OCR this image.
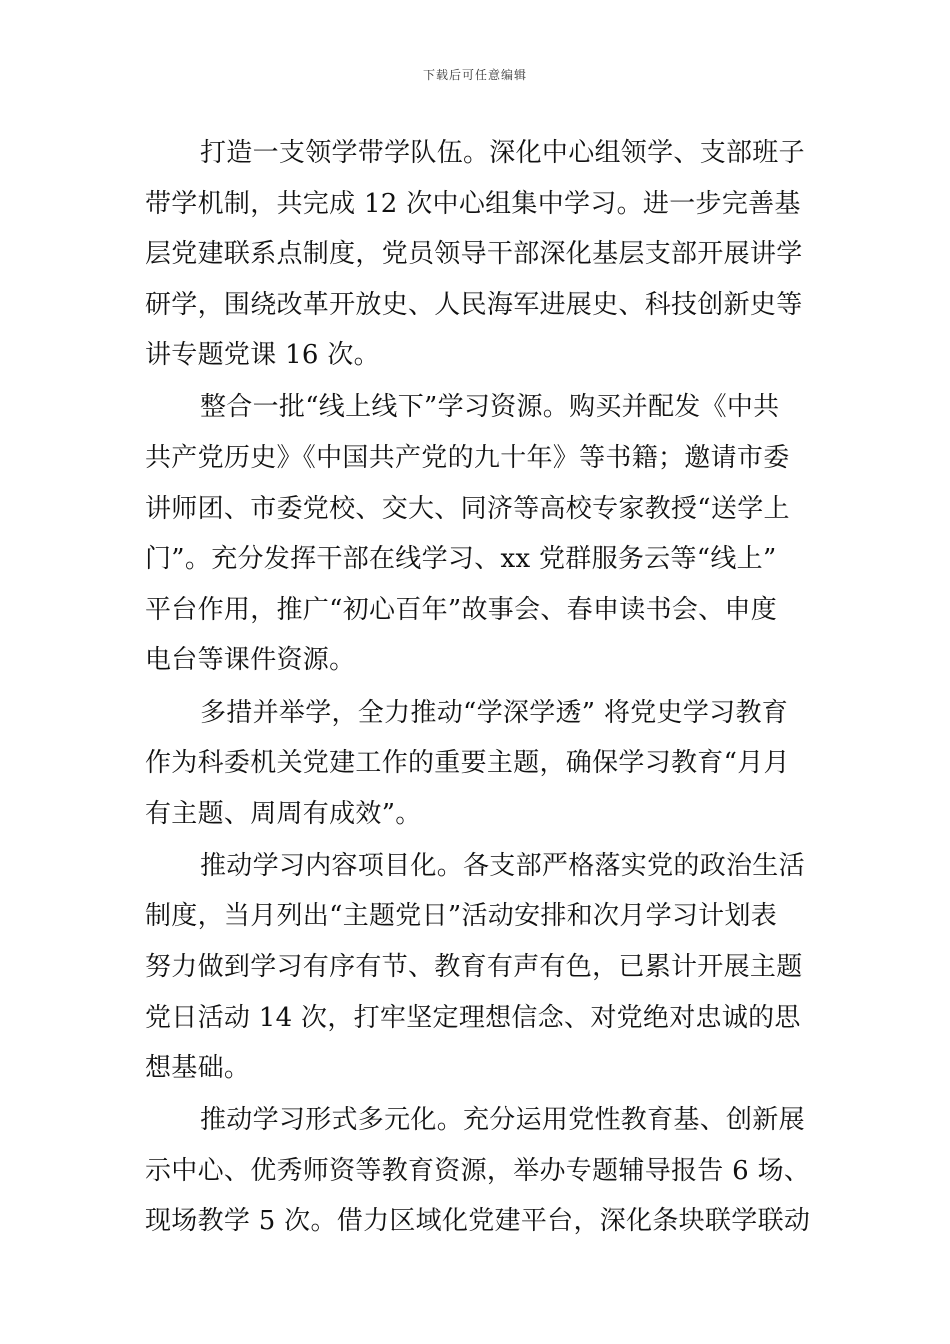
下载后可任意编辑
打造一支领学带学队伍。深化中心组领学、支部班子
带学机制，共完成 12 次中心组集中学习。进一步完善基
层党建联系点制度，党员领导干部深化基层支部开展讲学
研学，围绕改革开放史、人民海军进展史、科技创新史等
讲专题党课 16 次。
整合一批“线上线下”学习资源。购买并配发《中共
共产党历史》《中国共产党的九十年》等书籍；邀请市委
讲师团、市委党校、交大、同济等高校专家教授“送学上
门”。充分发挥干部在线学习、xx 党群服务云等“线上”
平台作用，推广“初心百年”故事会、春申读书会、申度
电台等课件资源。
多措并举学，全力推动“学深学透” 将党史学习教育
作为科委机关党建工作的重要主题，确保学习教育“月月
有主题、周周有成效”。
推动学习内容项目化。各支部严格落实党的政治生活
制度，当月列出“主题党日”活动安排和次月学习计划表
努力做到学习有序有节、教育有声有色，已累计开展主题
党日活动 14 次，打牢坚定理想信念、对党绝对忠诚的思
想基础。
推动学习形式多元化。充分运用党性教育基、创新展
示中心、优秀师资等教育资源，举办专题辅导报告 6 场、
现场教学 5 次。借力区域化党建平台，深化条块联学联动
